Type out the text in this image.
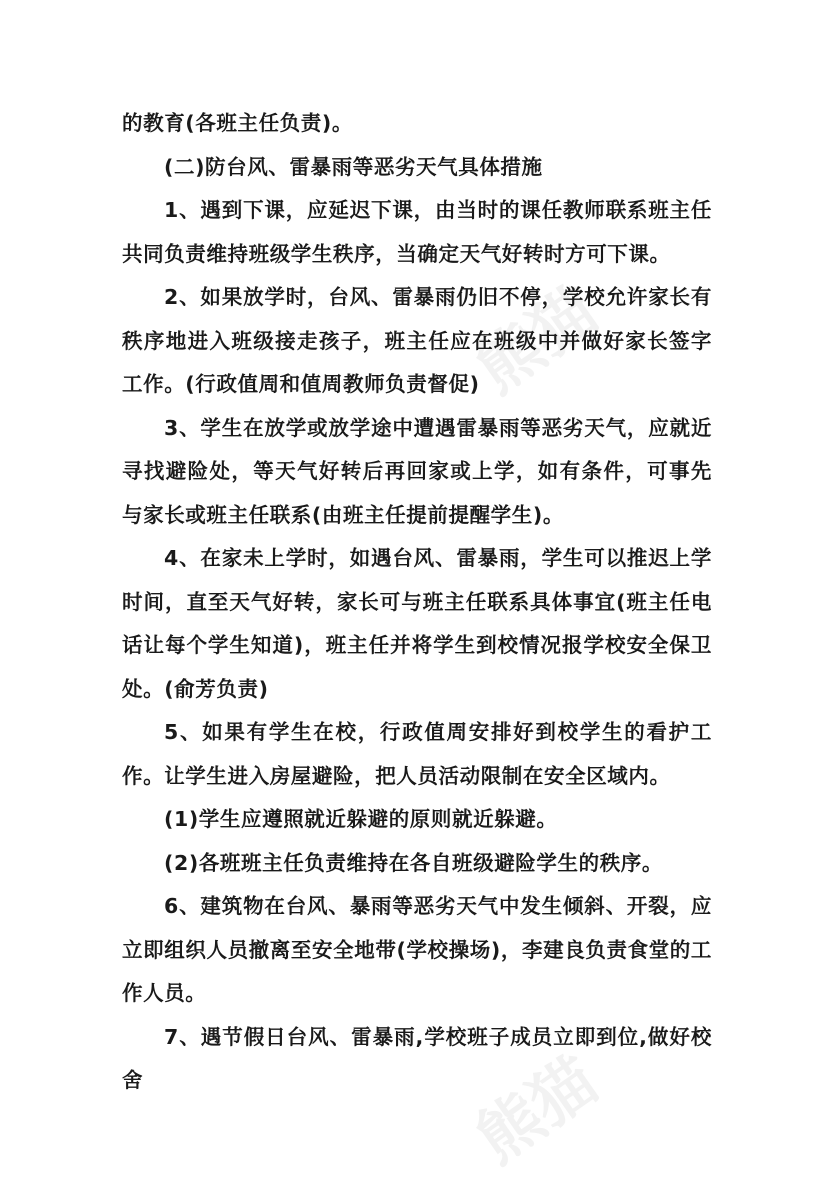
熊猫
熊猫

的教育(各班主任负责)。

(二)防台风、雷暴雨等恶劣天气具体措施

1、遇到下课，应延迟下课，由当时的课任教师联系班主任共同负责维持班级学生秩序，当确定天气好转时方可下课。

2、如果放学时，台风、雷暴雨仍旧不停，学校允许家长有秩序地进入班级接走孩子，班主任应在班级中并做好家长签字工作。(行政值周和值周教师负责督促)

3、学生在放学或放学途中遭遇雷暴雨等恶劣天气，应就近寻找避险处，等天气好转后再回家或上学，如有条件，可事先与家长或班主任联系(由班主任提前提醒学生)。

4、在家未上学时，如遇台风、雷暴雨，学生可以推迟上学时间，直至天气好转，家长可与班主任联系具体事宜(班主任电话让每个学生知道)，班主任并将学生到校情况报学校安全保卫处。(俞芳负责)

5、如果有学生在校，行政值周安排好到校学生的看护工作。让学生进入房屋避险，把人员活动限制在安全区域内。

(1)学生应遵照就近躲避的原则就近躲避。

(2)各班班主任负责维持在各自班级避险学生的秩序。

6、建筑物在台风、暴雨等恶劣天气中发生倾斜、开裂，应立即组织人员撤离至安全地带(学校操场)，李建良负责食堂的工作人员。

7、遇节假日台风、雷暴雨,学校班子成员立即到位,做好校舍
